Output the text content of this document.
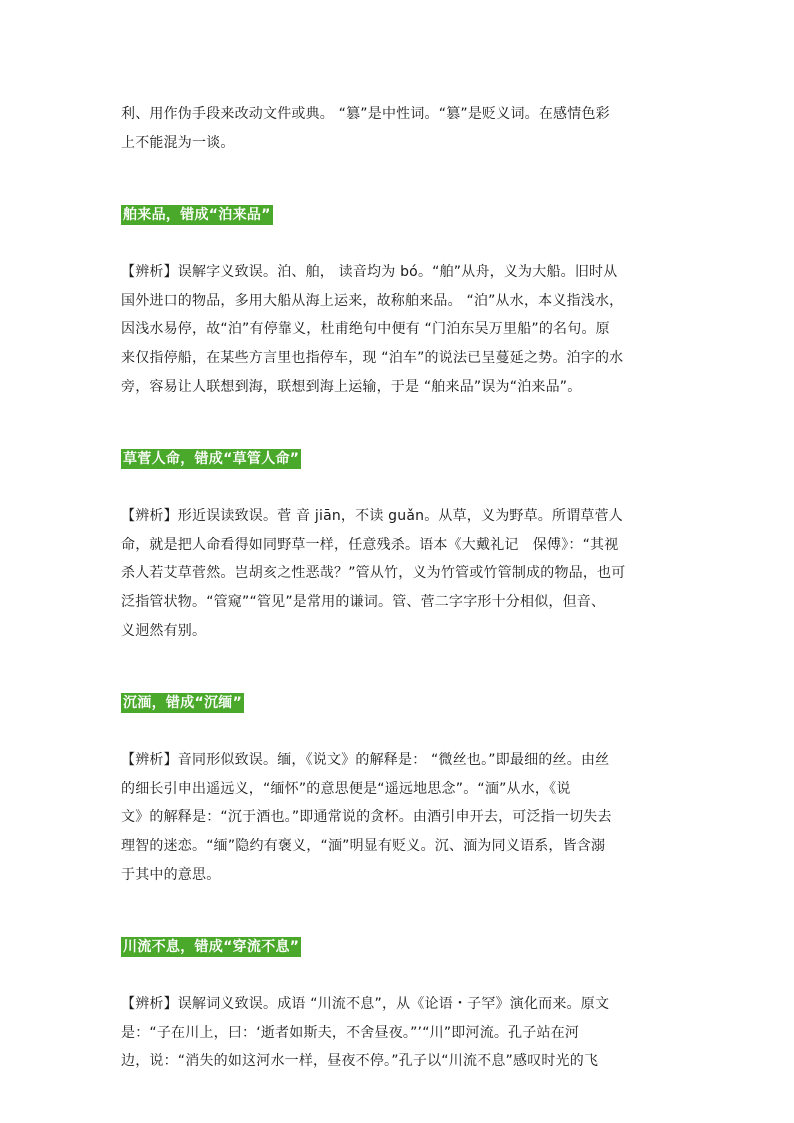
利、用作伪手段来改动文件或典。 “篡”是中性词。“篡”是贬义词。在感情色彩

上不能混为一谈。

舶来品，错成“泊来品”

【辨析】误解字义致误。泊、舶， 读音均为 bó。“舶”从舟，义为大船。旧时从

国外进口的物品，多用大船从海上运来，故称舶来品。 “泊”从水，本义指浅水，

因浅水易停，故“泊”有停靠义，杜甫绝句中便有 “门泊东吴万里船”的名句。原

来仅指停船，在某些方言里也指停车，现 “泊车”的说法已呈蔓延之势。泊字的水

旁，容易让人联想到海，联想到海上运输，于是 “舶来品”误为“泊来品”。

草菅人命，错成“草管人命”

【辨析】形近误读致误。菅 音 jiān，不读 guǎn。从草，义为野草。所谓草菅人

命，就是把人命看得如同野草一样，任意残杀。语本《大戴礼记　保傅》：“其视

杀人若艾草菅然。岂胡亥之性恶哉？”管从竹，义为竹管或竹管制成的物品，也可

泛指管状物。“管窥”“管见”是常用的谦词。管、菅二字字形十分相似，但音、

义迥然有别。

沉湎，错成“沉缅”

【辨析】音同形似致误。缅，《说文》的解释是： “微丝也。”即最细的丝。由丝

的细长引申出遥远义，“缅怀”的意思便是“遥远地思念”。“湎”从水，《说

文》的解释是：“沉于酒也。”即通常说的贪杯。由酒引申开去，可泛指一切失去

理智的迷恋。“缅”隐约有褒义，“湎”明显有贬义。沉、湎为同义语系，皆含溺

于其中的意思。

川流不息，错成“穿流不息”

【辨析】误解词义致误。成语 “川流不息”，从《论语・子罕》演化而来。原文

是：“子在川上，曰：‘逝者如斯夫，不舍昼夜。”’“川”即河流。孔子站在河

边，说：“消失的如这河水一样，昼夜不停。”孔子以“川流不息”感叹时光的飞
